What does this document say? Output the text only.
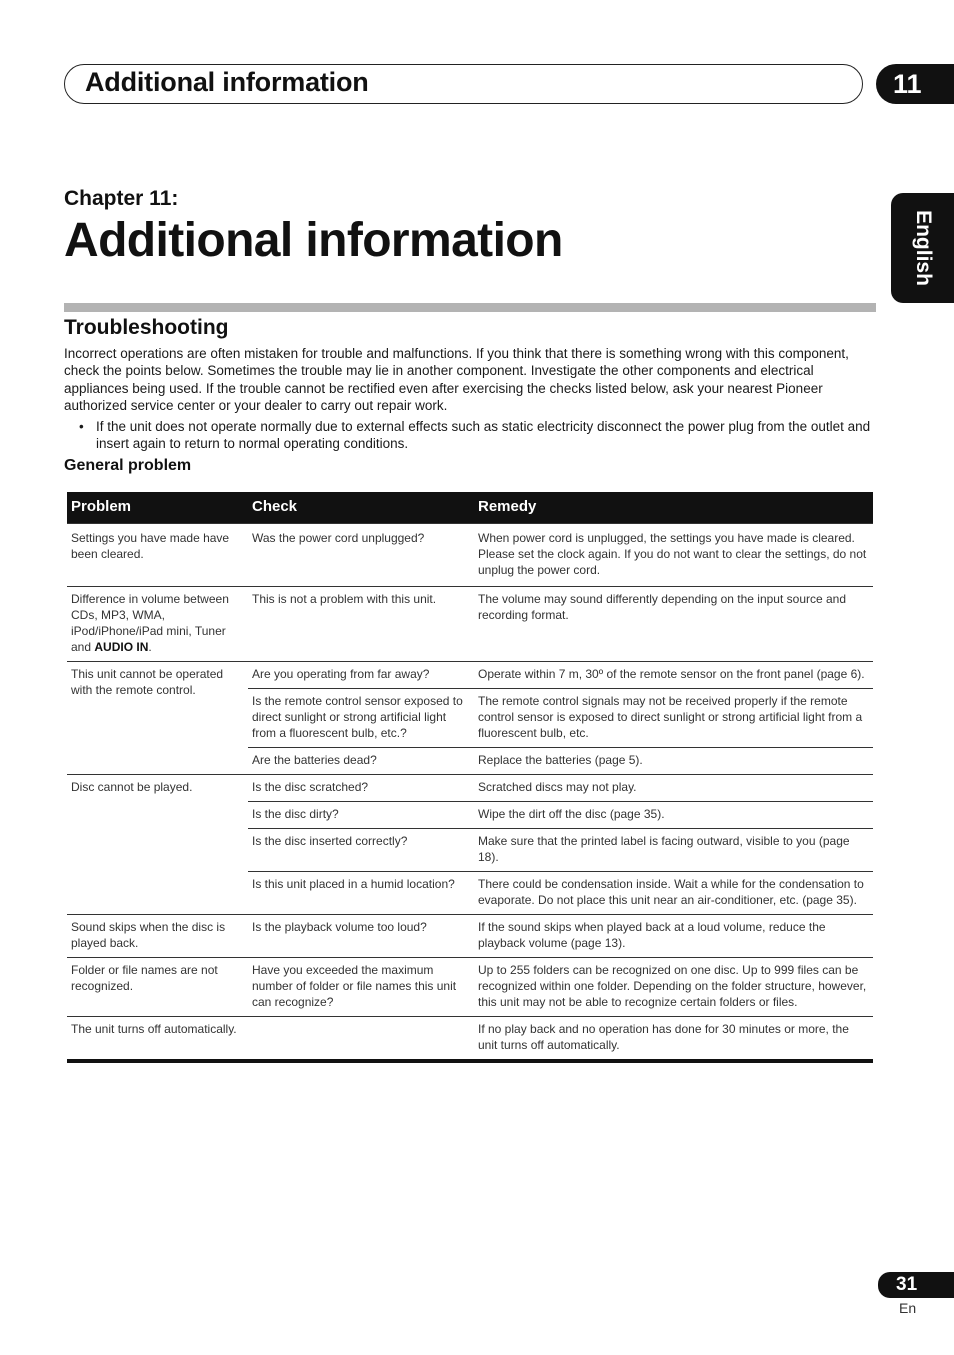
Additional information	11
English
Chapter 11:
Additional information
Troubleshooting

Incorrect operations are often mistaken for trouble and malfunctions. If you think that there is something wrong with this component, check the points below. Sometimes the trouble may lie in another component. Investigate the other components and electrical appliances being used. If the trouble cannot be rectified even after exercising the checks listed below, ask your nearest Pioneer authorized service center or your dealer to carry out repair work.

• If the unit does not operate normally due to external effects such as static electricity disconnect the power plug from the outlet and insert again to return to normal operating conditions.
General problem
Problem	Check	Remedy
Settings you have made have been cleared.	Was the power cord unplugged?	When power cord is unplugged, the settings you have made is cleared. Please set the clock again. If you do not want to clear the settings, do not unplug the power cord.
Difference in volume between CDs, MP3, WMA, iPod/iPhone/iPad mini, Tuner and AUDIO IN.	This is not a problem with this unit.	The volume may sound differently depending on the input source and recording format.
This unit cannot be operated with the remote control.	Are you operating from far away?	Operate within 7 m, 30º of the remote sensor on the front panel (page 6).
	Is the remote control sensor exposed to direct sunlight or strong artificial light from a fluorescent bulb, etc.?	The remote control signals may not be received properly if the remote control sensor is exposed to direct sunlight or strong artificial light from a fluorescent bulb, etc.
	Are the batteries dead?	Replace the batteries (page 5).
Disc cannot be played.	Is the disc scratched?	Scratched discs may not play.
	Is the disc dirty?	Wipe the dirt off the disc (page 35).
	Is the disc inserted correctly?	Make sure that the printed label is facing outward, visible to you (page 18).
	Is this unit placed in a humid location?	There could be condensation inside. Wait a while for the condensation to evaporate. Do not place this unit near an air-conditioner, etc. (page 35).
Sound skips when the disc is played back.	Is the playback volume too loud?	If the sound skips when played back at a loud volume, reduce the playback volume (page 13).
Folder or file names are not recognized.	Have you exceeded the maximum number of folder or file names this unit can recognize?	Up to 255 folders can be recognized on one disc. Up to 999 files can be recognized within one folder. Depending on the folder structure, however, this unit may not be able to recognize certain folders or files.
The unit turns off automatically.		If no play back and no operation has done for 30 minutes or more, the unit turns off automatically.
31
En
